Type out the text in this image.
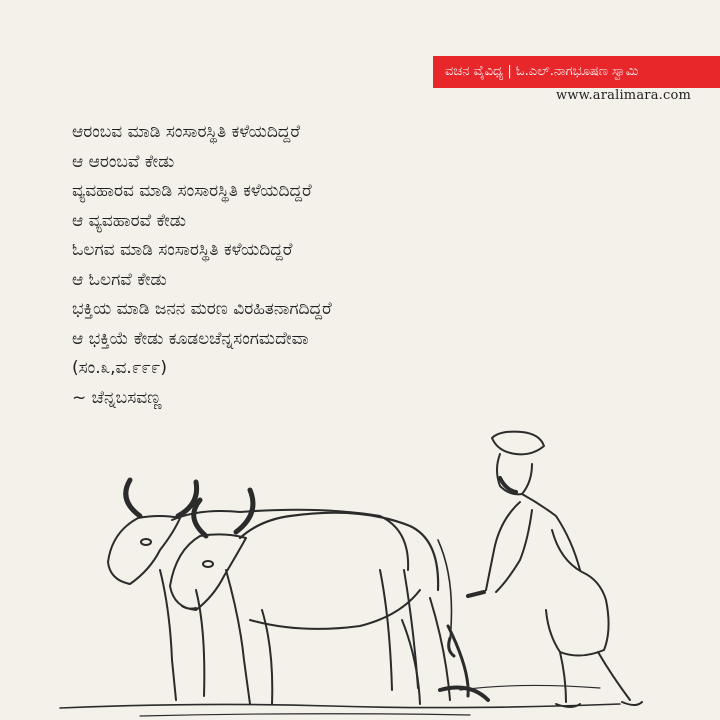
ವಚನ ವೈವಿಧ್ಯ | ಓ.ಎಲ್.ನಾಗಭೂಷಣ ಸ್ವಾಮಿ
www.aralimara.com
ಆರಂಬವ ಮಾಡಿ ಸಂಸಾರಸ್ಥಿತಿ ಕಳೆಯದಿದ್ದರೆ
ಆ ಆರಂಬವೆ ಕೇಡು
ವ್ಯವಹಾರವ ಮಾಡಿ ಸಂಸಾರಸ್ಥಿತಿ ಕಳೆಯದಿದ್ದರೆ
ಆ ವ್ಯವಹಾರವೆ ಕೇಡು
ಓಲಗವ ಮಾಡಿ ಸಂಸಾರಸ್ಥಿತಿ ಕಳೆಯದಿದ್ದರೆ
ಆ ಓಲಗವೆ ಕೇಡು
ಭಕ್ತಿಯ ಮಾಡಿ ಜನನ ಮರಣ ವಿರಹಿತನಾಗದಿದ್ದರೆ
ಆ ಭಕ್ತಿಯೆ ಕೇಡು ಕೂಡಲಚೆನ್ನಸಂಗಮದೇವಾ
(ಸಂ.೩,ವ.೯೯೯)
~ ಚೆನ್ನಬಸವಣ್ಣ
